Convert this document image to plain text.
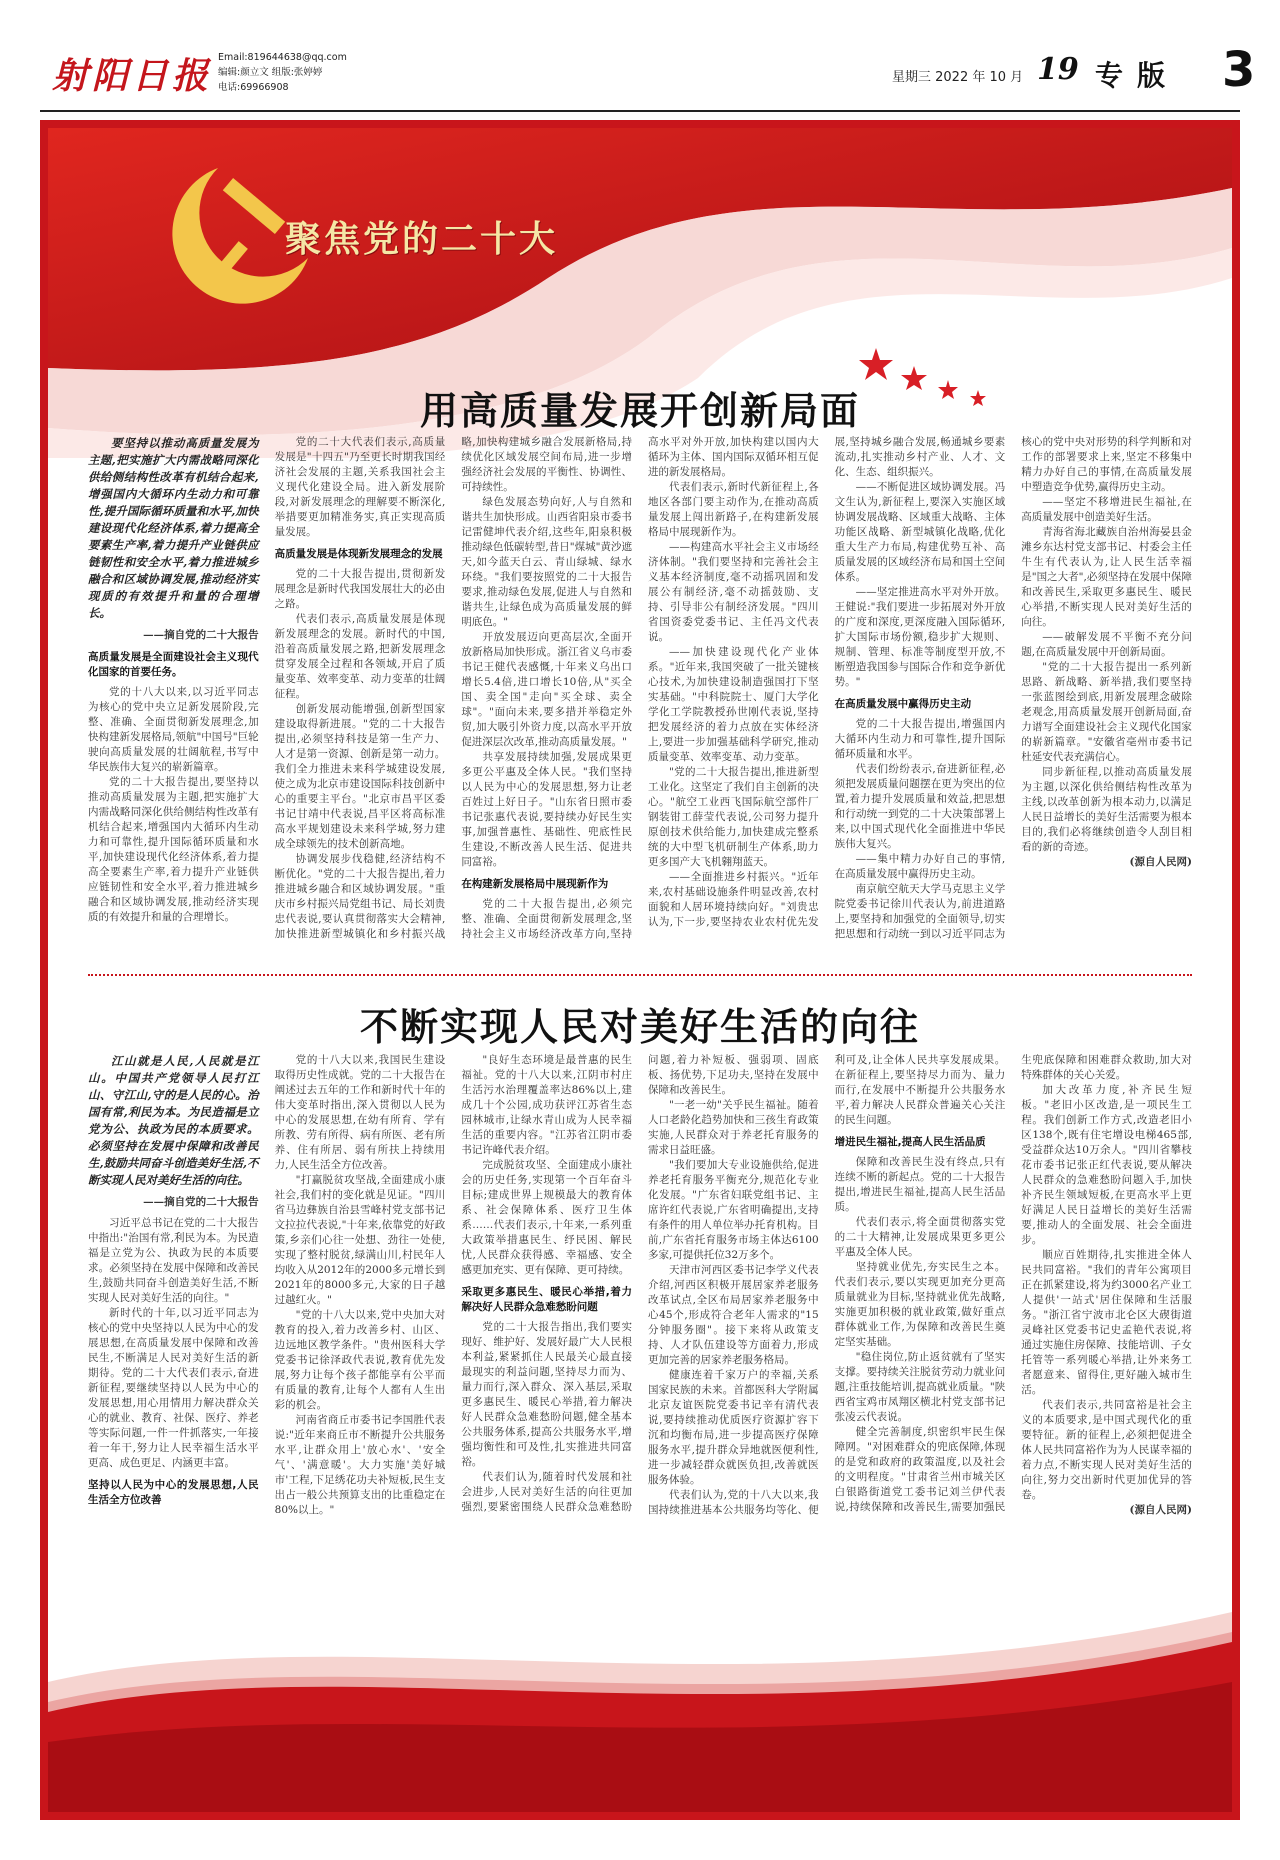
射阳日报 Email:819644638@qq.com
编辑:颜立文 组版:张婷婷
电话:69966908
星期三 2022 年 10 月 19 专版 3
聚焦党的二十大
用高质量发展开创新局面

要坚持以推动高质量发展为主题,把实施扩大内需战略同深化供给侧结构性改革有机结合起来,增强国内大循环内生动力和可靠性,提升国际循环质量和水平,加快建设现代化经济体系,着力提高全要素生产率,着力提升产业链供应链韧性和安全水平,着力推进城乡融合和区域协调发展,推动经济实现质的有效提升和量的合理增长。

——摘自党的二十大报告

高质量发展是全面建设社会主义现代化国家的首要任务。

党的十八大以来,以习近平同志为核心的党中央立足新发展阶段,完整、准确、全面贯彻新发展理念,加快构建新发展格局,领航"中国号"巨轮驶向高质量发展的壮阔航程,书写中华民族伟大复兴的崭新篇章。

党的二十大报告提出,要坚持以推动高质量发展为主题,把实施扩大内需战略同深化供给侧结构性改革有机结合起来,增强国内大循环内生动力和可靠性,提升国际循环质量和水平,加快建设现代化经济体系,着力提高全要素生产率,着力提升产业链供应链韧性和安全水平,着力推进城乡融合和区域协调发展,推动经济实现质的有效提升和量的合理增长。

党的二十大代表们表示,高质量发展是"十四五"乃至更长时期我国经济社会发展的主题,关系我国社会主义现代化建设全局。进入新发展阶段,对新发展理念的理解要不断深化,举措要更加精准务实,真正实现高质量发展。

高质量发展是体现新发展理念的发展

党的二十大报告提出,贯彻新发展理念是新时代我国发展壮大的必由之路。

代表们表示,高质量发展是体现新发展理念的发展。新时代的中国,沿着高质量发展之路,把新发展理念贯穿发展全过程和各领域,开启了质量变革、效率变革、动力变革的壮阔征程。

创新发展动能增强,创新型国家建设取得新进展。"党的二十大报告提出,必须坚持科技是第一生产力、人才是第一资源、创新是第一动力。我们全力推进未来科学城建设发展,使之成为北京市建设国际科技创新中心的重要主平台。"北京市昌平区委书记甘靖中代表说,昌平区将高标准高水平规划建设未来科学城,努力建成全球领先的技术创新高地。

协调发展步伐稳健,经济结构不断优化。"党的二十大报告提出,着力推进城乡融合和区域协调发展。"重庆市乡村振兴局党组书记、局长刘贵忠代表说,要认真贯彻落实大会精神,加快推进新型城镇化和乡村振兴战略,加快构建城乡融合发展新格局,持续优化区域发展空间布局,进一步增强经济社会发展的平衡性、协调性、可持续性。

绿色发展态势向好,人与自然和谐共生加快形成。山西省阳泉市委书记雷健坤代表介绍,这些年,阳泉积极推动绿色低碳转型,昔日"煤城"黄沙遮天,如今蓝天白云、青山绿城、绿水环绕。"我们要按照党的二十大报告要求,推动绿色发展,促进人与自然和谐共生,让绿色成为高质量发展的鲜明底色。"

开放发展迈向更高层次,全面开放新格局加快形成。浙江省义乌市委书记王健代表感慨,十年来义乌出口增长5.4倍,进口增长10倍,从"买全国、卖全国"走向"买全球、卖全球"。"面向未来,要多措并举稳定外贸,加大吸引外资力度,以高水平开放促进深层次改革,推动高质量发展。"

共享发展持续加强,发展成果更多更公平惠及全体人民。"我们坚持以人民为中心的发展思想,努力让老百姓过上好日子。"山东省日照市委书记张惠代表说,要持续办好民生实事,加强普惠性、基础性、兜底性民生建设,不断改善人民生活、促进共同富裕。

在构建新发展格局中展现新作为

党的二十大报告提出,必须完整、准确、全面贯彻新发展理念,坚持社会主义市场经济改革方向,坚持高水平对外开放,加快构建以国内大循环为主体、国内国际双循环相互促进的新发展格局。

代表们表示,新时代新征程上,各地区各部门要主动作为,在推动高质量发展上闯出新路子,在构建新发展格局中展现新作为。

——构建高水平社会主义市场经济体制。"我们要坚持和完善社会主义基本经济制度,毫不动摇巩固和发展公有制经济,毫不动摇鼓励、支持、引导非公有制经济发展。"四川省国资委党委书记、主任冯文代表说。

——加快建设现代化产业体系。"近年来,我国突破了一批关键核心技术,为加快建设制造强国打下坚实基础。"中科院院士、厦门大学化学化工学院教授孙世刚代表说,坚持把发展经济的着力点放在实体经济上,要进一步加强基础科学研究,推动质量变革、效率变革、动力变革。

"党的二十大报告提出,推进新型工业化。这坚定了我们自主创新的决心。"航空工业西飞国际航空部件厂钢装钳工薛莹代表说,公司努力提升原创技术供给能力,加快建成完整系统的大中型飞机研制生产体系,助力更多国产大飞机翱翔蓝天。

——全面推进乡村振兴。"近年来,农村基础设施条件明显改善,农村面貌和人居环境持续向好。"刘贵忠认为,下一步,要坚持农业农村优先发展,坚持城乡融合发展,畅通城乡要素流动,扎实推动乡村产业、人才、文化、生态、组织振兴。

——不断促进区域协调发展。冯文生认为,新征程上,要深入实施区域协调发展战略、区域重大战略、主体功能区战略、新型城镇化战略,优化重大生产力布局,构建优势互补、高质量发展的区域经济布局和国土空间体系。

——坚定推进高水平对外开放。王健说:"我们要进一步拓展对外开放的广度和深度,更深度融入国际循环,扩大国际市场份额,稳步扩大规则、规制、管理、标准等制度型开放,不断塑造我国参与国际合作和竞争新优势。"

在高质量发展中赢得历史主动

党的二十大报告提出,增强国内大循环内生动力和可靠性,提升国际循环质量和水平。

代表们纷纷表示,奋进新征程,必须把发展质量问题摆在更为突出的位置,着力提升发展质量和效益,把思想和行动统一到党的二十大决策部署上来,以中国式现代化全面推进中华民族伟大复兴。

——集中精力办好自己的事情,在高质量发展中赢得历史主动。

南京航空航天大学马克思主义学院党委书记徐川代表认为,前进道路上,要坚持和加强党的全面领导,切实把思想和行动统一到以习近平同志为核心的党中央对形势的科学判断和对工作的部署要求上来,坚定不移集中精力办好自己的事情,在高质量发展中塑造竞争优势,赢得历史主动。

——坚定不移增进民生福祉,在高质量发展中创造美好生活。

青海省海北藏族自治州海晏县金滩乡东达村党支部书记、村委会主任牛生有代表认为,让人民生活幸福是"国之大者",必须坚持在发展中保障和改善民生,采取更多惠民生、暖民心举措,不断实现人民对美好生活的向往。

——破解发展不平衡不充分问题,在高质量发展中开创新局面。

"党的二十大报告提出一系列新思路、新战略、新举措,我们要坚持一张蓝图绘到底,用新发展理念破除老观念,用高质量发展开创新局面,奋力谱写全面建设社会主义现代化国家的崭新篇章。"安徽省亳州市委书记杜延安代表充满信心。

同步新征程,以推动高质量发展为主题,以深化供给侧结构性改革为主线,以改革创新为根本动力,以满足人民日益增长的美好生活需要为根本目的,我们必将继续创造令人刮目相看的新的奇迹。

(源自人民网)

不断实现人民对美好生活的向往

江山就是人民,人民就是江山。中国共产党领导人民打江山、守江山,守的是人民的心。治国有常,利民为本。为民造福是立党为公、执政为民的本质要求。必须坚持在发展中保障和改善民生,鼓励共同奋斗创造美好生活,不断实现人民对美好生活的向往。

——摘自党的二十大报告

习近平总书记在党的二十大报告中指出:"治国有常,利民为本。为民造福是立党为公、执政为民的本质要求。必须坚持在发展中保障和改善民生,鼓励共同奋斗创造美好生活,不断实现人民对美好生活的向往。"

新时代的十年,以习近平同志为核心的党中央坚持以人民为中心的发展思想,在高质量发展中保障和改善民生,不断满足人民对美好生活的新期待。党的二十大代表们表示,奋进新征程,要继续坚持以人民为中心的发展思想,用心用情用力解决群众关心的就业、教育、社保、医疗、养老等实际问题,一件一件抓落实,一年接着一年干,努力让人民幸福生活水平更高、成色更足、内涵更丰富。

坚持以人民为中心的发展思想,人民生活全方位改善

党的十八大以来,我国民生建设取得历史性成就。党的二十大报告在阐述过去五年的工作和新时代十年的伟大变革时指出,深入贯彻以人民为中心的发展思想,在幼有所育、学有所教、劳有所得、病有所医、老有所养、住有所居、弱有所扶上持续用力,人民生活全方位改善。

"打赢脱贫攻坚战,全面建成小康社会,我们村的变化就是见证。"四川省马边彝族自治县雪峰村党支部书记文拉拉代表说,"十年来,依靠党的好政策,乡亲们心往一处想、劲往一处使,实现了整村脱贫,绿满山川,村民年人均收入从2012年的2000多元增长到2021年的8000多元,大家的日子越过越红火。"

"党的十八大以来,党中央加大对教育的投入,着力改善乡村、山区、边远地区教学条件。"贵州医科大学党委书记徐泽政代表说,教育优先发展,努力让每个孩子都能享有公平而有质量的教育,让每个人都有人生出彩的机会。

河南省商丘市委书记李国胜代表说:"近年来商丘市不断提升公共服务水平,让群众用上'放心水'、'安全气'、'满意暖'。大力实施'美好城市'工程,下足绣花功夫补短板,民生支出占一般公共预算支出的比重稳定在80%以上。"

"良好生态环境是最普惠的民生福祉。党的十八大以来,江阴市村庄生活污水治理覆盖率达86%以上,建成几十个公园,成功获评江苏省生态园林城市,让绿水青山成为人民幸福生活的重要内容。"江苏省江阴市委书记许峰代表介绍。

完成脱贫攻坚、全面建成小康社会的历史任务,实现第一个百年奋斗目标;建成世界上规模最大的教育体系、社会保障体系、医疗卫生体系……代表们表示,十年来,一系列重大政策举措惠民生、纾民困、解民忧,人民群众获得感、幸福感、安全感更加充实、更有保障、更可持续。

采取更多惠民生、暖民心举措,着力解决好人民群众急难愁盼问题

党的二十大报告指出,我们要实现好、维护好、发展好最广大人民根本利益,紧紧抓住人民最关心最直接最现实的利益问题,坚持尽力而为、量力而行,深入群众、深入基层,采取更多惠民生、暖民心举措,着力解决好人民群众急难愁盼问题,健全基本公共服务体系,提高公共服务水平,增强均衡性和可及性,扎实推进共同富裕。

代表们认为,随着时代发展和社会进步,人民对美好生活的向往更加强烈,要紧密围绕人民群众急难愁盼问题,着力补短板、强弱项、固底板、扬优势,下足功夫,坚持在发展中保障和改善民生。

"一老一幼"关乎民生福祉。随着人口老龄化趋势加快和三孩生育政策实施,人民群众对于养老托育服务的需求日益旺盛。

"我们要加大专业设施供给,促进养老托育服务平衡充分,规范化专业化发展。"广东省妇联党组书记、主席许红代表说,广东省明确提出,支持有条件的用人单位举办托育机构。目前,广东省托育服务市场主体达6100多家,可提供托位32万多个。

天津市河西区委书记李学义代表介绍,河西区积极开展居家养老服务改革试点,全区布局居家养老服务中心45个,形成符合老年人需求的"15分钟服务圈"。接下来将从政策支持、人才队伍建设等方面着力,形成更加完善的居家养老服务格局。

健康连着千家万户的幸福,关系国家民族的未来。首都医科大学附属北京友谊医院党委书记辛有清代表说,要持续推动优质医疗资源扩容下沉和均衡布局,进一步提高医疗保障服务水平,提升群众异地就医便利性,进一步减轻群众就医负担,改善就医服务体验。

代表们认为,党的十八大以来,我国持续推进基本公共服务均等化、便利可及,让全体人民共享发展成果。在新征程上,要坚持尽力而为、量力而行,在发展中不断提升公共服务水平,着力解决人民群众普遍关心关注的民生问题。

增进民生福祉,提高人民生活品质

保障和改善民生没有终点,只有连续不断的新起点。党的二十大报告提出,增进民生福祉,提高人民生活品质。

代表们表示,将全面贯彻落实党的二十大精神,让发展成果更多更公平惠及全体人民。

坚持就业优先,夯实民生之本。代表们表示,要以实现更加充分更高质量就业为目标,坚持就业优先战略,实施更加积极的就业政策,做好重点群体就业工作,为保障和改善民生奠定坚实基础。

"稳住岗位,防止返贫就有了坚实支撑。要持续关注脱贫劳动力就业问题,注重技能培训,提高就业质量。"陕西省宝鸡市凤翔区横北村党支部书记张凌云代表说。

健全完善制度,织密织牢民生保障网。"对困难群众的兜底保障,体现的是党和政府的政策温度,以及社会的文明程度。"甘肃省兰州市城关区白银路街道党工委书记刘兰伊代表说,持续保障和改善民生,需要加强民生兜底保障和困难群众救助,加大对特殊群体的关心关爱。

加大改革力度,补齐民生短板。"老旧小区改造,是一项民生工程。我们创新工作方式,改造老旧小区138个,既有住宅增设电梯465部,受益群众达10万余人。"四川省攀枝花市委书记张正红代表说,要从解决人民群众的急难愁盼问题入手,加快补齐民生领域短板,在更高水平上更好满足人民日益增长的美好生活需要,推动人的全面发展、社会全面进步。

顺应百姓期待,扎实推进全体人民共同富裕。"我们的青年公寓项目正在抓紧建设,将为约3000名产业工人提供'一站式'居住保障和生活服务。"浙江省宁波市北仑区大碶街道灵峰社区党委书记史孟艳代表说,将通过实施住房保障、技能培训、子女托管等一系列暖心举措,让外来务工者愿意来、留得住,更好融入城市生活。

代表们表示,共同富裕是社会主义的本质要求,是中国式现代化的重要特征。新的征程上,必须把促进全体人民共同富裕作为为人民谋幸福的着力点,不断实现人民对美好生活的向往,努力交出新时代更加优异的答卷。

(源自人民网)
